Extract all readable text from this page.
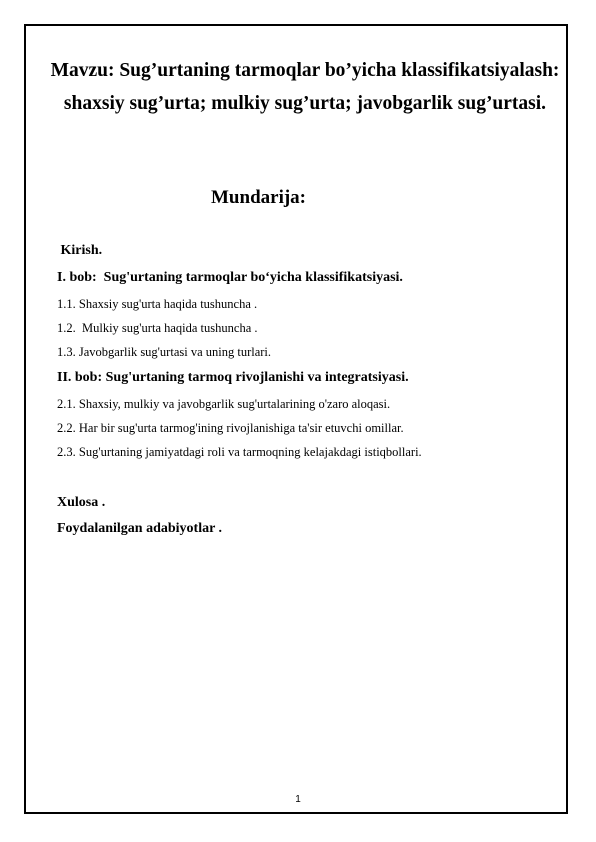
Mavzu: Sug’urtaning tarmoqlar bo’yicha klassifikatsiyalash: shaxsiy sug’urta; mulkiy sug’urta; javobgarlik sug’urtasi.
Mundarija:
Kirish.
I. bob:  Sug'urtaning tarmoqlar bo‘yicha klassifikatsiyasi.
1.1. Shaxsiy sug'urta haqida tushuncha .
1.2.  Mulkiy sug'urta haqida tushuncha .
1.3. Javobgarlik sug'urtasi va uning turlari.
II. bob: Sug'urtaning tarmoq rivojlanishi va integratsiyasi.
2.1. Shaxsiy, mulkiy va javobgarlik sug'urtalarining o'zaro aloqasi.
2.2. Har bir sug'urta tarmog'ining rivojlanishiga ta'sir etuvchi omillar.
2.3. Sug'urtaning jamiyatdagi roli va tarmoqning kelajakdagi istiqbollari.
Xulosa .
Foydalanilgan adabiyotlar .
1
